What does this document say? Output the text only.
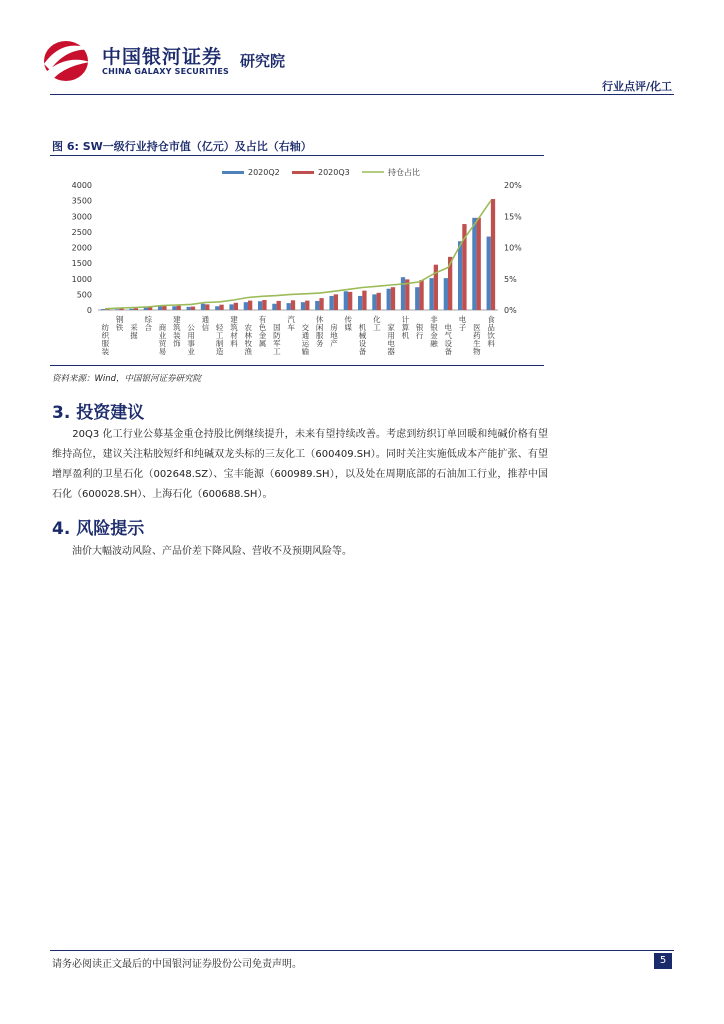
中国银河证券 研究院
CHINA GALAXY SECURITIES
行业点评/化工
图 6: SW一级行业持仓市值（亿元）及占比（右轴）
0
500
1000
1500
2000
2500
3000
3500
4000
0%
5%
10%
15%
20%
纺织服装
钢铁 采掘
综合 商业贸易
建筑装饰
公用事业
通信 轻工制造
建筑材料
农林牧渔
有色金属
国防军工
汽车 交通运输
休闲服务
房地产
传媒 机械设备
化工 家用电器
计算机
银行
非银金融
电气设备
电子 医药生物
食品饮料
2020Q2	2020Q3	持仓占比
资料来源：Wind，中国银河证券研究院
3. 投资建议
　　20Q3 化工行业公募基金重仓持股比例继续提升，未来有望持续改善。考虑到纺织订单回暖和纯碱价格有望维持高位，建议关注粘胶短纤和纯碱双龙头标的三友化工（600409.SH）。同时关注实施低成本产能扩张、有望增厚盈利的卫星石化（002648.SZ）、宝丰能源（600989.SH），以及处在周期底部的石油加工行业，推荐中国石化（600028.SH）、上海石化（600688.SH）。
4. 风险提示
　　油价大幅波动风险、产品价差下降风险、营收不及预期风险等。
请务必阅读正文最后的中国银河证券股份公司免责声明。	5
